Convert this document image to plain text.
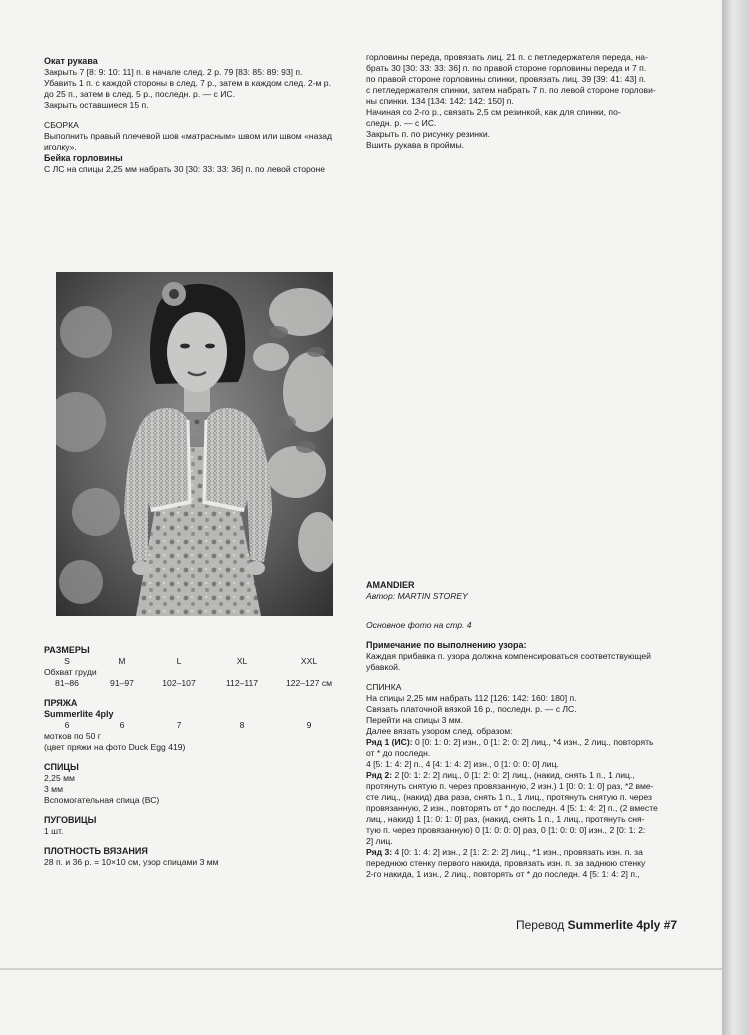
Окат рукава

Закрыть 7 [8: 9: 10: 11] п. в начале след. 2 р. 79 [83: 85: 89: 93] п.

Убавить 1 п. с каждой стороны в след. 7 р., затем в каждом след. 2-м р.

до 25 п., затем в след. 5 р., последн. р. — с ИС.

Закрыть оставшиеся 15 п.

СБОРКА

Выполнить правый плечевой шов «матрасным» швом или швом «назад

иголку».

Бейка горловины

С ЛС на спицы 2,25 мм набрать 30 [30: 33: 33: 36] п. по левой стороне

горловины переда, провязать лиц. 21 п. с петледержателя переда, на-

брать 30 [30: 33: 33: 36] п. по правой стороне горловины переда и 7 п.

по правой стороне горловины спинки, провязать лиц. 39 [39: 41: 43] п.

с петледержателя спинки, затем набрать 7 п. по левой стороне горлови-

ны спинки. 134 [134: 142: 142: 150] п.

Начиная со 2-го р., связать 2,5 см резинкой, как для спинки, по-

следн. р. — с ИС.

Закрыть п. по рисунку резинки.

Вшить рукава в проймы.

РАЗМЕРЫ

S	M	L	XL	XXL

Обхват груди

81–86	91–97	102–107	112–117	122–127 см

ПРЯЖА

Summerlite 4ply

6	6	7	8	9

мотков по 50 г

(цвет пряжи на фото Duck Egg 419)

СПИЦЫ

2,25 мм

3 мм

Вспомогательная спица (ВС)

ПУГОВИЦЫ

1 шт.

ПЛОТНОСТЬ ВЯЗАНИЯ

28 п. и 36 р. = 10×10 см, узор спицами 3 мм

AMANDIER

Автор: MARTIN STOREY

Основное фото на стр. 4

Примечание по выполнению узора:

Каждая прибавка п. узора должна компенсироваться соответствующей

убавкой.

СПИНКА

На спицы 2,25 мм набрать 112 [126: 142: 160: 180] п.

Связать платочной вязкой 16 р., последн. р. — с ЛС.

Перейти на спицы 3 мм.

Далее вязать узором след. образом:

Ряд 1 (ИС): 0 [0: 1: 0: 2] изн., 0 [1: 2: 0: 2] лиц., *4 изн., 2 лиц., повторять

от * до последн.

4 [5: 1: 4: 2] п., 4 [4: 1: 4: 2] изн., 0 [1: 0: 0: 0] лиц.

Ряд 2: 2 [0: 1: 2: 2] лиц., 0 [1: 2: 0: 2] лиц., (накид, снять 1 п., 1 лиц.,

протянуть снятую п. через провязанную, 2 изн.) 1 [0: 0: 1: 0] раз, *2 вме-

сте лиц., (накид) два раза, снять 1 п., 1 лиц., протянуть снятую п. через

провязанную, 2 изн., повторять от * до последн. 4 [5: 1: 4: 2] п., (2 вместе

лиц., накид) 1 [1: 0: 1: 0] раз, (накид, снять 1 п., 1 лиц., протянуть сня-

тую п. через провязанную) 0 [1: 0: 0: 0] раз, 0 [1: 0: 0: 0] изн., 2 [0: 1: 2:

2] лиц.

Ряд 3: 4 [0: 1: 4: 2] изн., 2 [1: 2: 2: 2] лиц., *1 изн., провязать изн. п. за

переднюю стенку первого накида, провязать изн. п. за заднюю стенку

2-го накида, 1 изн., 2 лиц., повторять от * до последн. 4 [5: 1: 4: 2] п.,

Перевод Summerlite 4ply #7
